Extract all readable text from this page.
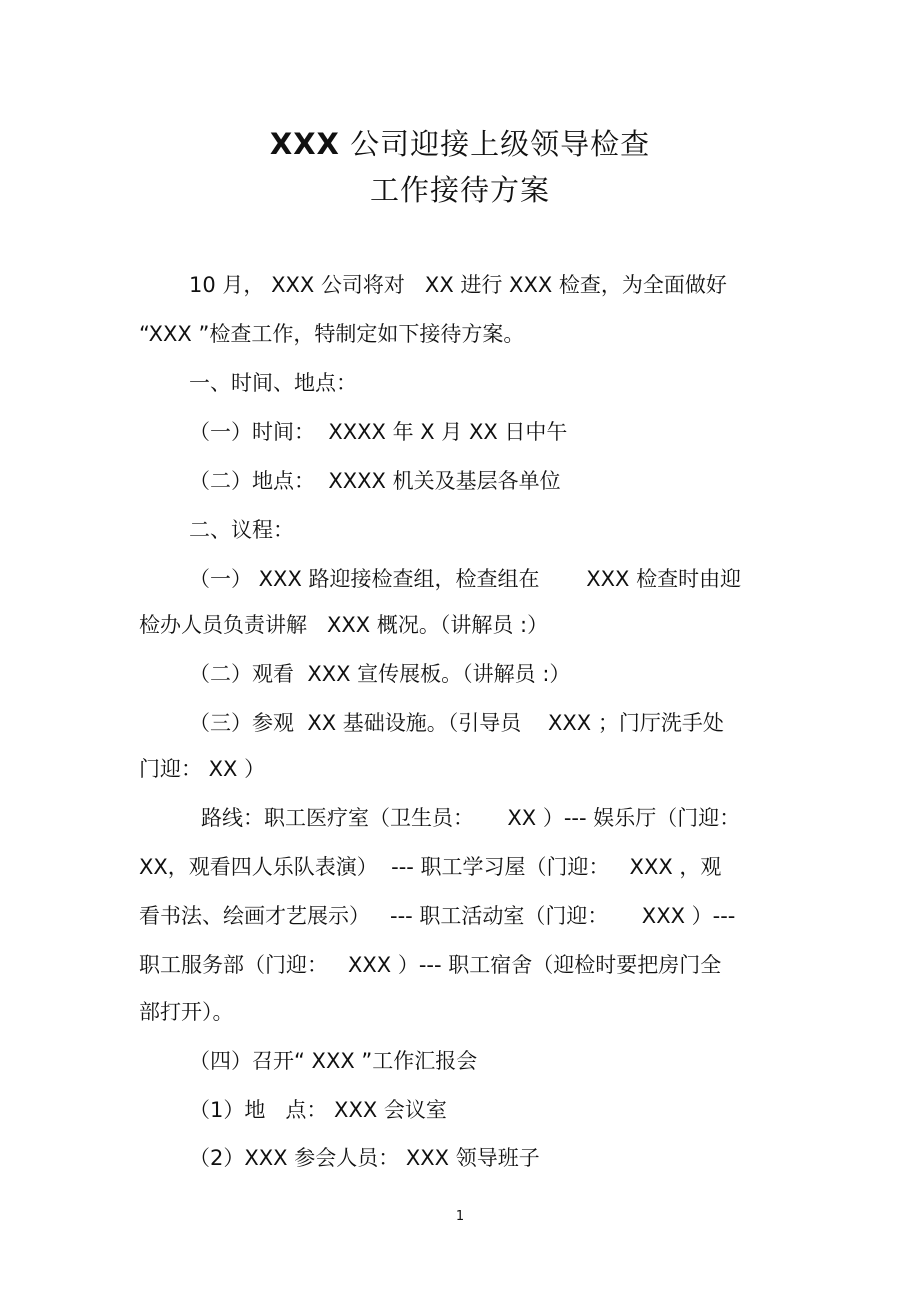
XXX 公司迎接上级领导检查
工作接待方案
10 月， XXX 公司将对   XX 进行 XXX 检查，为全面做好
“XXX ”检查工作，特制定如下接待方案。
一、时间、地点：
（一）时间：  XXXX 年 X 月 XX 日中午
（二）地点：  XXXX 机关及基层各单位
二、议程：
（一） XXX 路迎接检查组，检查组在       XXX 检查时由迎
检办人员负责讲解   XXX 概况。（讲解员 :）
（二）观看  XXX 宣传展板。（讲解员 :）
（三）参观  XX 基础设施。（引导员    XXX ；门厅洗手处
门迎： XX ）
路线：职工医疗室（卫生员：     XX ）--- 娱乐厅（门迎：
XX，观看四人乐队表演）  --- 职工学习屋（门迎：   XXX ，观
看书法、绘画才艺展示）   --- 职工活动室（门迎：     XXX ）---
职工服务部（门迎：   XXX ）--- 职工宿舍（迎检时要把房门全
部打开）。
（四）召开“ XXX ”工作汇报会
（1）地   点： XXX 会议室
（2）XXX 参会人员： XXX 领导班子
1
